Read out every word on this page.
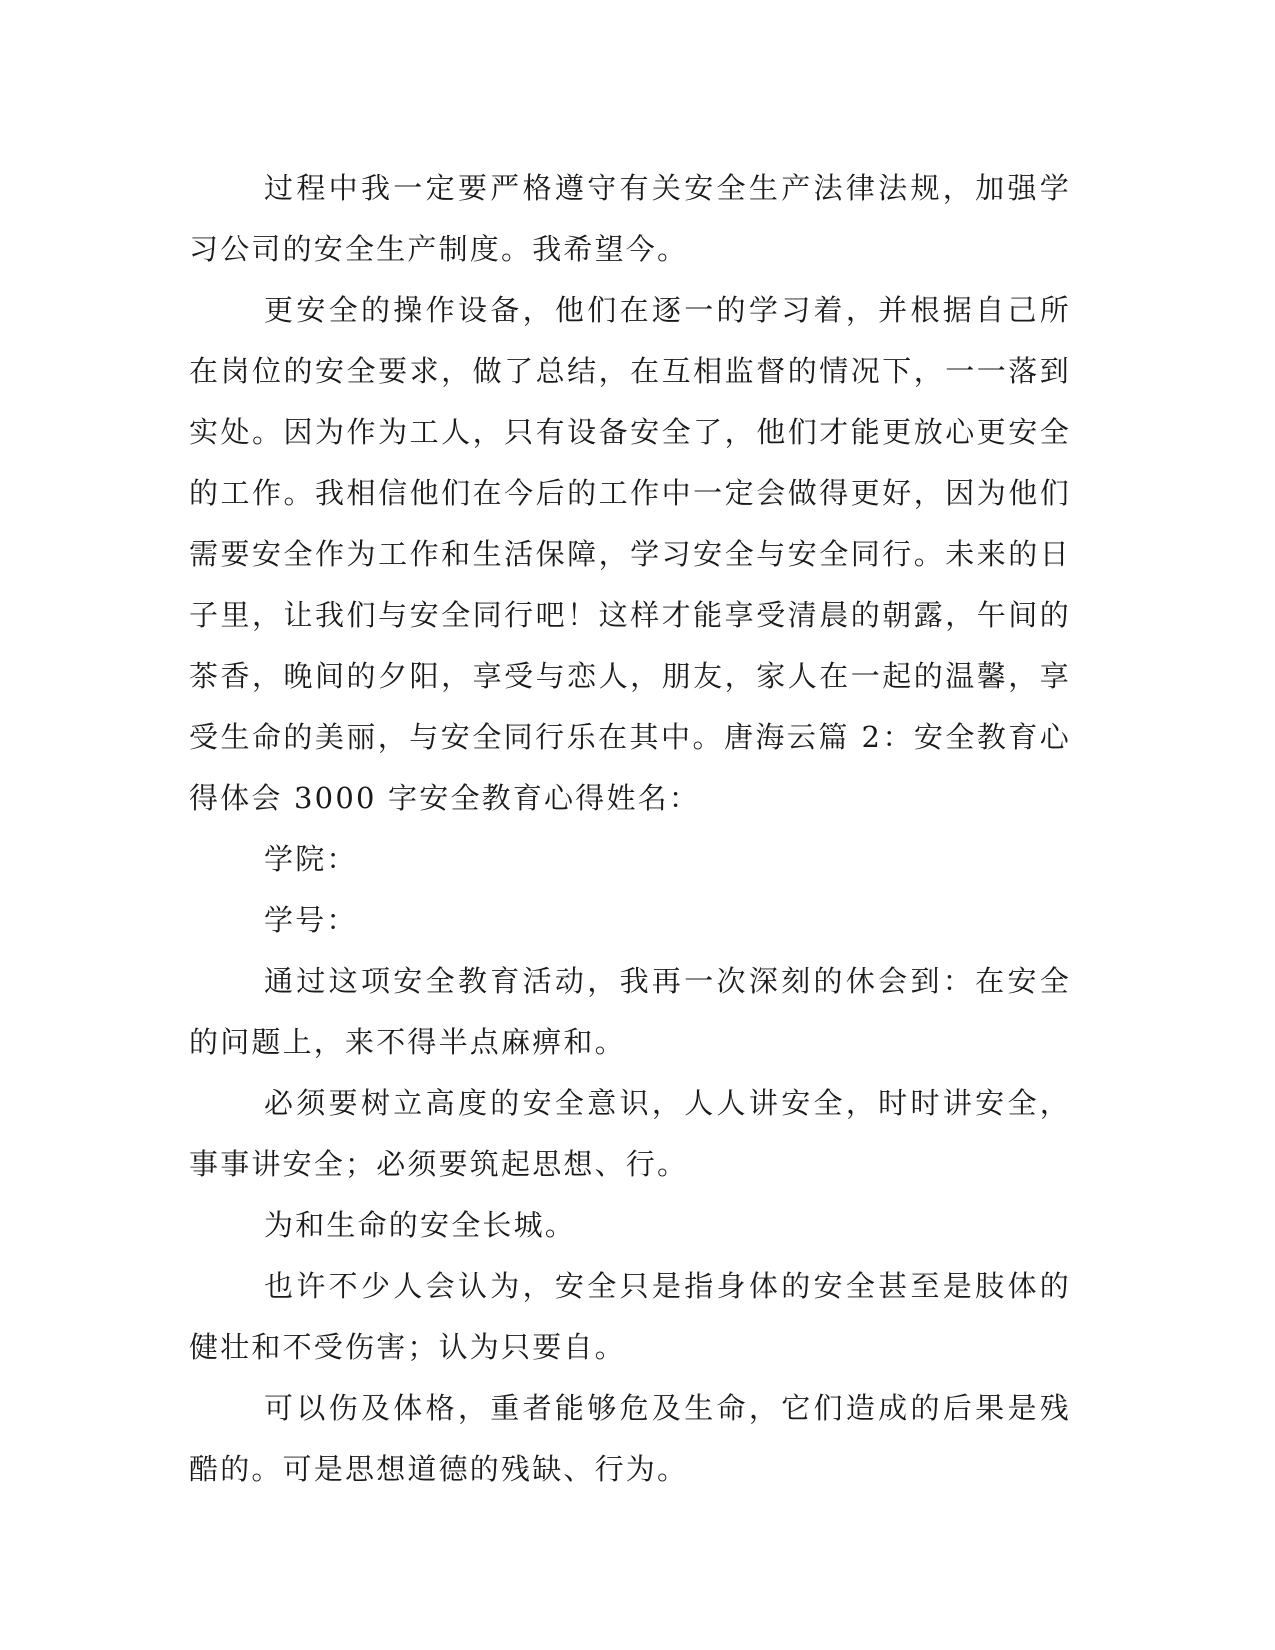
过程中我一定要严格遵守有关安全生产法律法规，加强学习公司的安全生产制度。我希望今。

更安全的操作设备，他们在逐一的学习着，并根据自己所在岗位的安全要求，做了总结，在互相监督的情况下，一一落到实处。因为作为工人，只有设备安全了，他们才能更放心更安全的工作。我相信他们在今后的工作中一定会做得更好，因为他们需要安全作为工作和生活保障，学习安全与安全同行。未来的日子里，让我们与安全同行吧！这样才能享受清晨的朝露，午间的茶香，晚间的夕阳，享受与恋人，朋友，家人在一起的温馨，享受生命的美丽，与安全同行乐在其中。唐海云篇 2：安全教育心得体会 3000 字安全教育心得姓名：

学院：

学号：

通过这项安全教育活动，我再一次深刻的休会到：在安全的问题上，来不得半点麻痹和。

必须要树立高度的安全意识，人人讲安全，时时讲安全，事事讲安全；必须要筑起思想、行。

为和生命的安全长城。

也许不少人会认为，安全只是指身体的安全甚至是肢体的健壮和不受伤害；认为只要自。

可以伤及体格，重者能够危及生命，它们造成的后果是残酷的。可是思想道德的残缺、行为。
